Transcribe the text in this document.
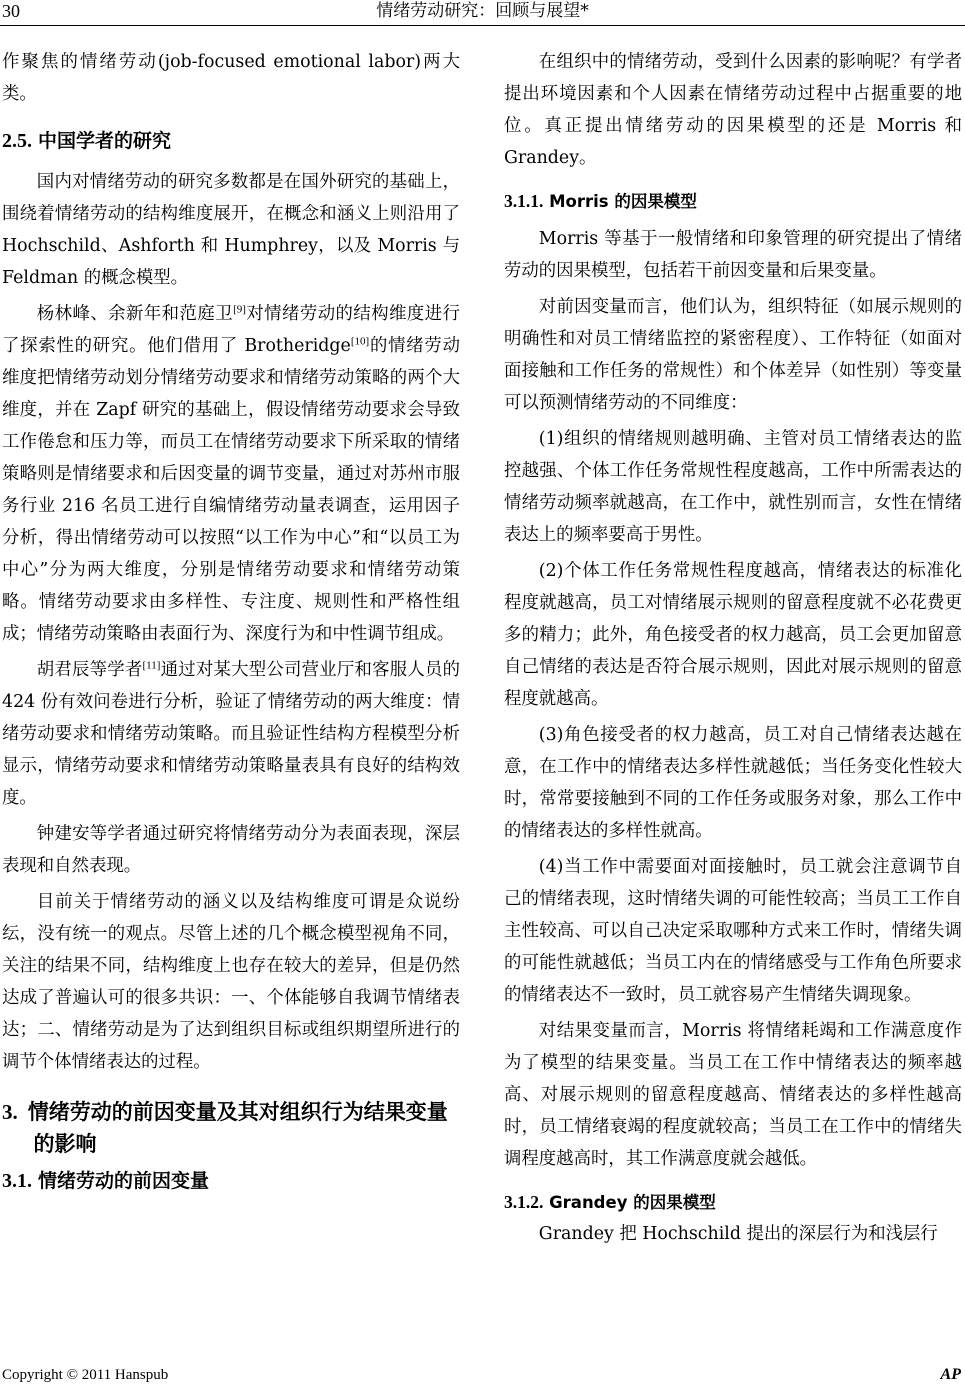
30	情绪劳动研究：回顾与展望*

作聚焦的情绪劳动(job-focused emotional labor)两大类。

2.5. 中国学者的研究

国内对情绪劳动的研究多数都是在国外研究的基础上，围绕着情绪劳动的结构维度展开，在概念和涵义上则沿用了 Hochschild、Ashforth 和 Humphrey，以及 Morris 与 Feldman 的概念模型。

杨林峰、余新年和范庭卫[9]对情绪劳动的结构维度进行了探索性的研究。他们借用了 Brotheridge[10]的情绪劳动维度把情绪劳动划分情绪劳动要求和情绪劳动策略的两个大维度，并在 Zapf 研究的基础上，假设情绪劳动要求会导致工作倦怠和压力等，而员工在情绪劳动要求下所采取的情绪策略则是情绪要求和后因变量的调节变量，通过对苏州市服务行业 216 名员工进行自编情绪劳动量表调查，运用因子分析，得出情绪劳动可以按照“以工作为中心”和“以员工为中心”分为两大维度，分别是情绪劳动要求和情绪劳动策略。情绪劳动要求由多样性、专注度、规则性和严格性组成；情绪劳动策略由表面行为、深度行为和中性调节组成。

胡君辰等学者[11]通过对某大型公司营业厅和客服人员的 424 份有效问卷进行分析，验证了情绪劳动的两大维度：情绪劳动要求和情绪劳动策略。而且验证性结构方程模型分析显示，情绪劳动要求和情绪劳动策略量表具有良好的结构效度。

钟建安等学者通过研究将情绪劳动分为表面表现，深层表现和自然表现。

目前关于情绪劳动的涵义以及结构维度可谓是众说纷纭，没有统一的观点。尽管上述的几个概念模型视角不同，关注的结果不同，结构维度上也存在较大的差异，但是仍然达成了普遍认可的很多共识：一、个体能够自我调节情绪表达；二、情绪劳动是为了达到组织目标或组织期望所进行的调节个体情绪表达的过程。

3. 情绪劳动的前因变量及其对组织行为结果变量的影响
3.1. 情绪劳动的前因变量

在组织中的情绪劳动，受到什么因素的影响呢？有学者提出环境因素和个人因素在情绪劳动过程中占据重要的地位。真正提出情绪劳动的因果模型的还是 Morris 和 Grandey。

3.1.1. Morris 的因果模型

Morris 等基于一般情绪和印象管理的研究提出了情绪劳动的因果模型，包括若干前因变量和后果变量。

对前因变量而言，他们认为，组织特征（如展示规则的明确性和对员工情绪监控的紧密程度）、工作特征（如面对面接触和工作任务的常规性）和个体差异（如性别）等变量可以预测情绪劳动的不同维度：

(1)组织的情绪规则越明确、主管对员工情绪表达的监控越强、个体工作任务常规性程度越高，工作中所需表达的情绪劳动频率就越高，在工作中，就性别而言，女性在情绪表达上的频率要高于男性。

(2)个体工作任务常规性程度越高，情绪表达的标准化程度就越高，员工对情绪展示规则的留意程度就不必花费更多的精力；此外，角色接受者的权力越高，员工会更加留意自己情绪的表达是否符合展示规则，因此对展示规则的留意程度就越高。

(3)角色接受者的权力越高，员工对自己情绪表达越在意，在工作中的情绪表达多样性就越低；当任务变化性较大时，常常要接触到不同的工作任务或服务对象，那么工作中的情绪表达的多样性就高。

(4)当工作中需要面对面接触时，员工就会注意调节自己的情绪表现，这时情绪失调的可能性较高；当员工工作自主性较高、可以自己决定采取哪种方式来工作时，情绪失调的可能性就越低；当员工内在的情绪感受与工作角色所要求的情绪表达不一致时，员工就容易产生情绪失调现象。

对结果变量而言，Morris 将情绪耗竭和工作满意度作为了模型的结果变量。当员工在工作中情绪表达的频率越高、对展示规则的留意程度越高、情绪表达的多样性越高时，员工情绪衰竭的程度就较高；当员工在工作中的情绪失调程度越高时，其工作满意度就会越低。

3.1.2. Grandey 的因果模型

Grandey 把 Hochschild 提出的深层行为和浅层行

Copyright © 2011 Hanspub	AP
